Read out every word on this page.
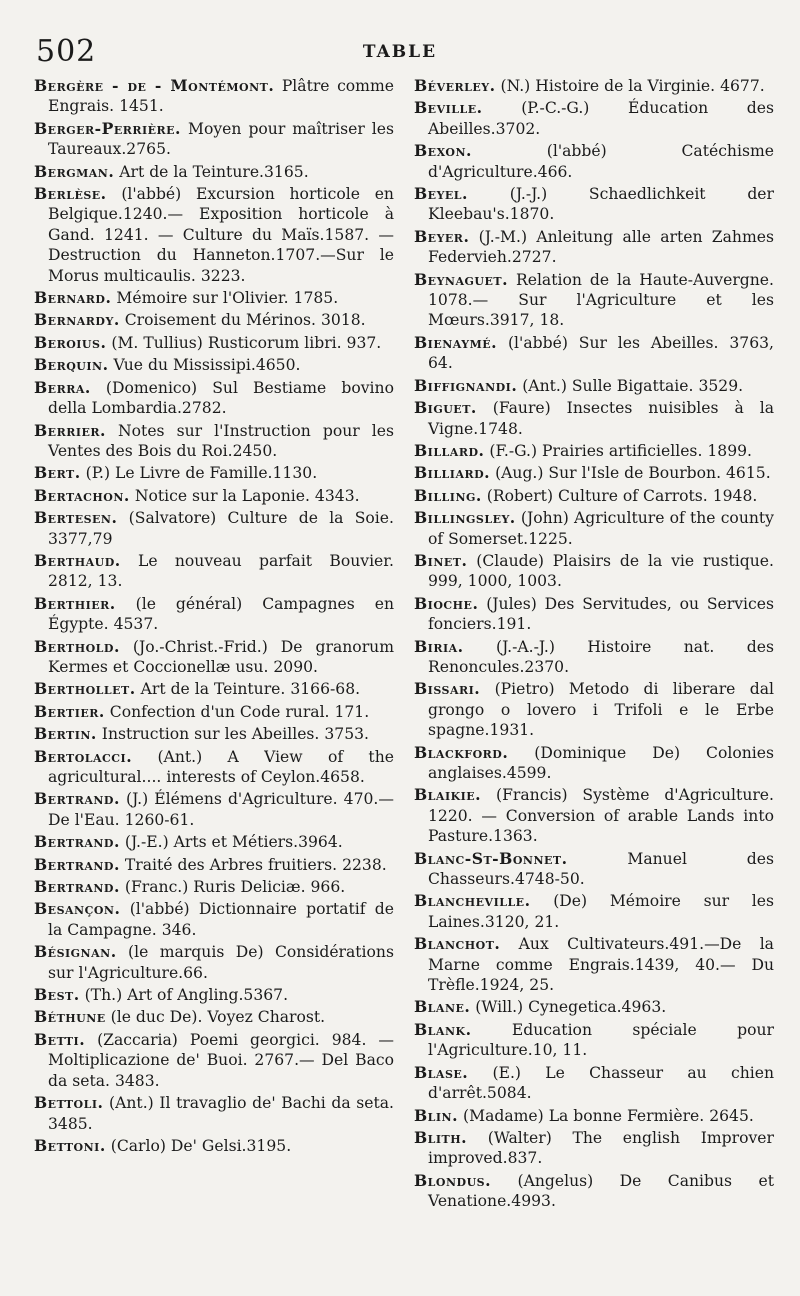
502	TABLE

Bergère - de - Montémont. Plâtre comme Engrais. 1451.

Berger-Perrière. Moyen pour maîtriser les Taureaux.2765.

Bergman. Art de la Teinture.3165.

Berlèse. (l'abbé) Excursion horticole en Belgique.1240.— Exposition horticole à Gand. 1241. — Culture du Maïs.1587. — Destruction du Hanneton.1707.—Sur le Morus multicaulis. 3223.

Bernard. Mémoire sur l'Olivier. 1785.

Bernardy. Croisement du Mérinos. 3018.

Beroius. (M. Tullius) Rusticorum libri. 937.

Berquin. Vue du Mississipi.4650.

Berra. (Domenico) Sul Bestiame bovino della Lombardia.2782.

Berrier. Notes sur l'Instruction pour les Ventes des Bois du Roi.2450.

Bert. (P.) Le Livre de Famille.1130.

Bertachon. Notice sur la Laponie. 4343.

Bertesen. (Salvatore) Culture de la Soie. 3377,79

Berthaud. Le nouveau parfait Bouvier. 2812, 13.

Berthier. (le général) Campagnes en Égypte. 4537.

Berthold. (Jo.-Christ.-Frid.) De granorum Kermes et Coccionellæ usu. 2090.

Berthollet. Art de la Teinture. 3166-68.

Bertier. Confection d'un Code rural. 171.

Bertin. Instruction sur les Abeilles. 3753.

Bertolacci. (Ant.) A View of the agricultural.... interests of Ceylon.4658.

Bertrand. (J.) Élémens d'Agriculture. 470.—De l'Eau. 1260-61.

Bertrand. (J.-E.) Arts et Métiers.3964.

Bertrand. Traité des Arbres fruitiers. 2238.

Bertrand. (Franc.) Ruris Deliciæ. 966.

Besançon. (l'abbé) Dictionnaire portatif de la Campagne. 346.

Bésignan. (le marquis De) Considérations sur l'Agriculture.66.

Best. (Th.) Art of Angling.5367.

Béthune (le duc De). Voyez Charost.

Betti. (Zaccaria) Poemi georgici. 984. — Moltiplicazione de' Buoi. 2767.— Del Baco da seta. 3483.

Bettoli. (Ant.) Il travaglio de' Bachi da seta. 3485.

Bettoni. (Carlo) De' Gelsi.3195.

Béverley. (N.) Histoire de la Virginie. 4677.

Beville. (P.-C.-G.) Éducation des Abeilles.3702.

Bexon.	(l'abbé) Catéchisme d'Agriculture.466.

Beyel.	(J.-J.) Schaedlichkeit der Kleebau's.1870.

Beyer. (J.-M.) Anleitung alle arten Zahmes Federvieh.2727.

Beynaguet. Relation de la Haute-Auvergne. 1078.— Sur l'Agriculture et les Mœurs.3917, 18.

Bienaymé. (l'abbé) Sur les Abeilles. 3763, 64.

Biffignandi. (Ant.) Sulle Bigattaie. 3529.

Biguet. (Faure) Insectes nuisibles à la Vigne.1748.

Billard. (F.-G.) Prairies artificielles. 1899.

Billiard. (Aug.) Sur l'Isle de Bourbon. 4615.

Billing. (Robert) Culture of Carrots. 1948.

Billingsley. (John) Agriculture of the county of Somerset.1225.

Binet. (Claude) Plaisirs de la vie rustique. 999, 1000, 1003.

Bioche. (Jules) Des Servitudes, ou Services fonciers.191.

Biria. (J.-A.-J.) Histoire nat. des Renoncules.2370.

Bissari. (Pietro) Metodo di liberare dal grongo o lovero i Trifoli e le Erbe spagne.1931.

Blackford. (Dominique De) Colonies anglaises.4599.

Blaikie. (Francis) Système d'Agriculture. 1220. — Conversion of arable Lands into Pasture.1363.

Blanc-St-Bonnet.	Manuel des Chasseurs.4748-50.

Blancheville. (De) Mémoire sur les Laines.3120, 21.

Blanchot. Aux Cultivateurs.491.—De la Marne comme Engrais.1439, 40.— Du Trèfle.1924, 25.

Blane. (Will.) Cynegetica.4963.

Blank.	Education spéciale pour l'Agriculture.10, 11.

Blase. (E.) Le Chasseur au chien d'arrêt.5084.

Blin. (Madame) La bonne Fermière. 2645.

Blith. (Walter) The english Improver improved.837.

Blondus. (Angelus) De Canibus et Venatione.4993.
